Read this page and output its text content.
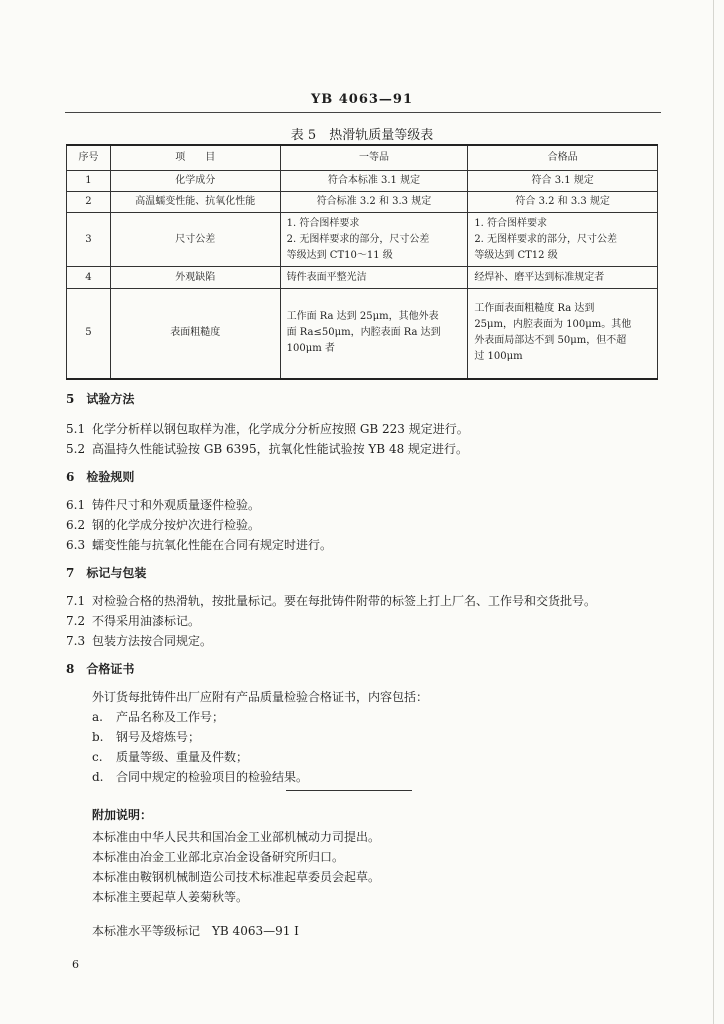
YB 4063—91
表 5　热滑轨质量等级表
序号	项　　目	一等品	合格品
1	化学成分	符合本标准 3.1 规定	符合 3.1 规定
2	高温蠕变性能、抗氧化性能	符合标准 3.2 和 3.3 规定	符合 3.2 和 3.3 规定
3	尺寸公差	1. 符合图样要求
2. 无图样要求的部分，尺寸公差
等级达到 CT10～11 级	1. 符合图样要求
2. 无图样要求的部分，尺寸公差
等级达到 CT12 级

4	外观缺陷	铸件表面平整光洁	经焊补、磨平达到标准规定者
5	表面粗糙度	工作面 Ra 达到 25μm，其他外表
面 Ra≤50μm，内腔表面 Ra 达到
100μm 者	工作面表面粗糙度 Ra 达到
25μm，内腔表面为 100μm。其他
外表面局部达不到 50μm，但不超
过 100μm
5　试验方法
5.1 化学分析样以钢包取样为准，化学成分分析应按照 GB 223 规定进行。
5.2 高温持久性能试验按 GB 6395，抗氧化性能试验按 YB 48 规定进行。
6　检验规则
6.1 铸件尺寸和外观质量逐件检验。
6.2 钢的化学成分按炉次进行检验。
6.3 蠕变性能与抗氧化性能在合同有规定时进行。
7　标记与包装
7.1 对检验合格的热滑轨，按批量标记。要在每批铸件附带的标签上打上厂名、工作号和交货批号。
7.2 不得采用油漆标记。
7.3 包装方法按合同规定。
8　合格证书
外订货每批铸件出厂应附有产品质量检验合格证书，内容包括：
a. 产品名称及工作号；
b. 钢号及熔炼号；
c. 质量等级、重量及件数；
d. 合同中规定的检验项目的检验结果。
附加说明：
本标准由中华人民共和国冶金工业部机械动力司提出。
本标准由冶金工业部北京冶金设备研究所归口。
本标准由鞍钢机械制造公司技术标准起草委员会起草。
本标准主要起草人姜菊秋等。
本标准水平等级标记　YB 4063—91 I
6
